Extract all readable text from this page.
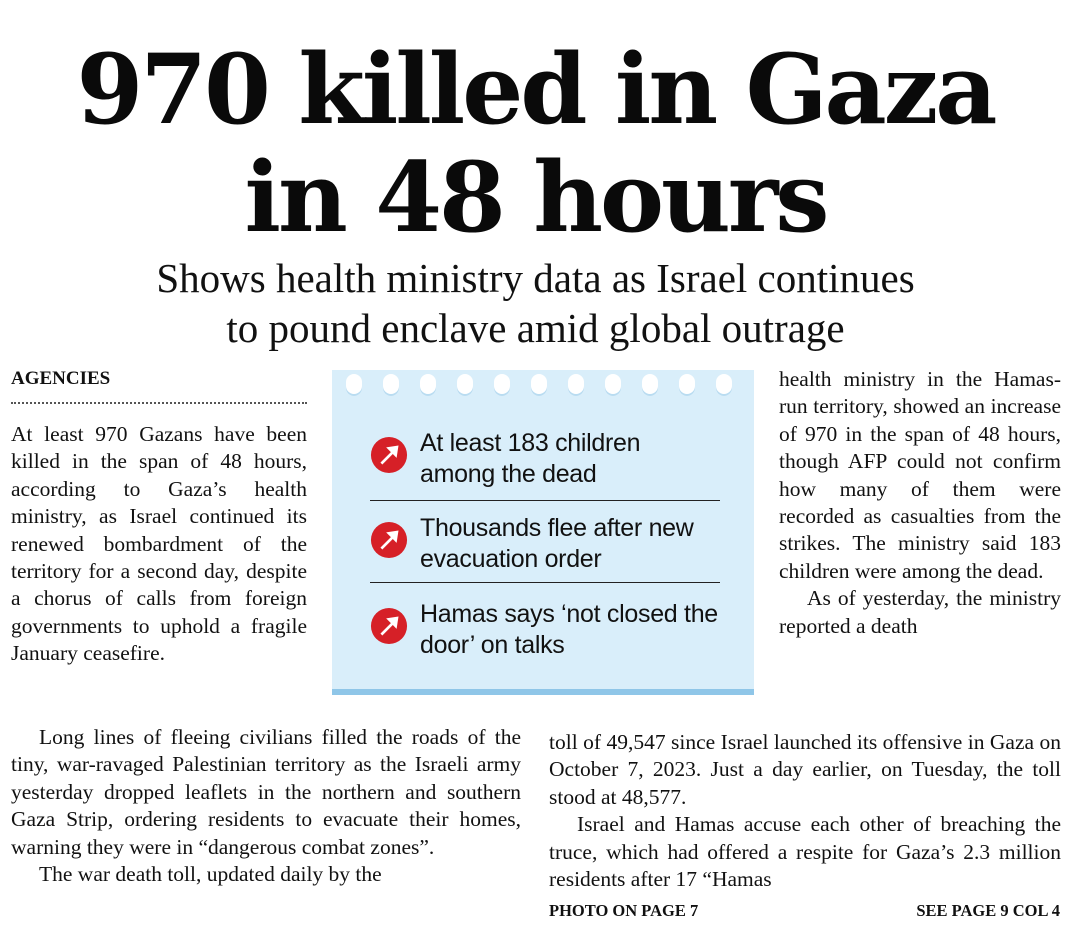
970 killed in Gaza
in 48 hours
Shows health ministry data as Israel continues
to pound enclave amid global outrage
AGENCIES

At least 970 Gazans have been killed in the span of 48 hours, according to Gaza’s health ministry, as Israel continued its renewed bombardment of the territory for a second day, despite a chorus of calls from foreign governments to uphold a fragile January ceasefire.

At least 183 children among the dead
Thousands flee after new evacuation order
Hamas says ‘not closed the door’ on talks

health ministry in the Hamas-run territory, showed an increase of 970 in the span of 48 hours, though AFP could not confirm how many of them were recorded as casualties from the strikes. The ministry said 183 children were among the dead.

As of yesterday, the ministry reported a death

Long lines of fleeing civilians filled the roads of the tiny, war-ravaged Palestinian territory as the Israeli army yesterday dropped leaflets in the northern and southern Gaza Strip, ordering residents to evacuate their homes, warning they were in “dangerous combat zones”.

The war death toll, updated daily by the

toll of 49,547 since Israel launched its offensive in Gaza on October 7, 2023. Just a day earlier, on Tuesday, the toll stood at 48,577.

Israel and Hamas accuse each other of breaching the truce, which had offered a respite for Gaza’s 2.3 million residents after 17 “Hamas

PHOTO ON PAGE 7	SEE PAGE 9 COL 4
